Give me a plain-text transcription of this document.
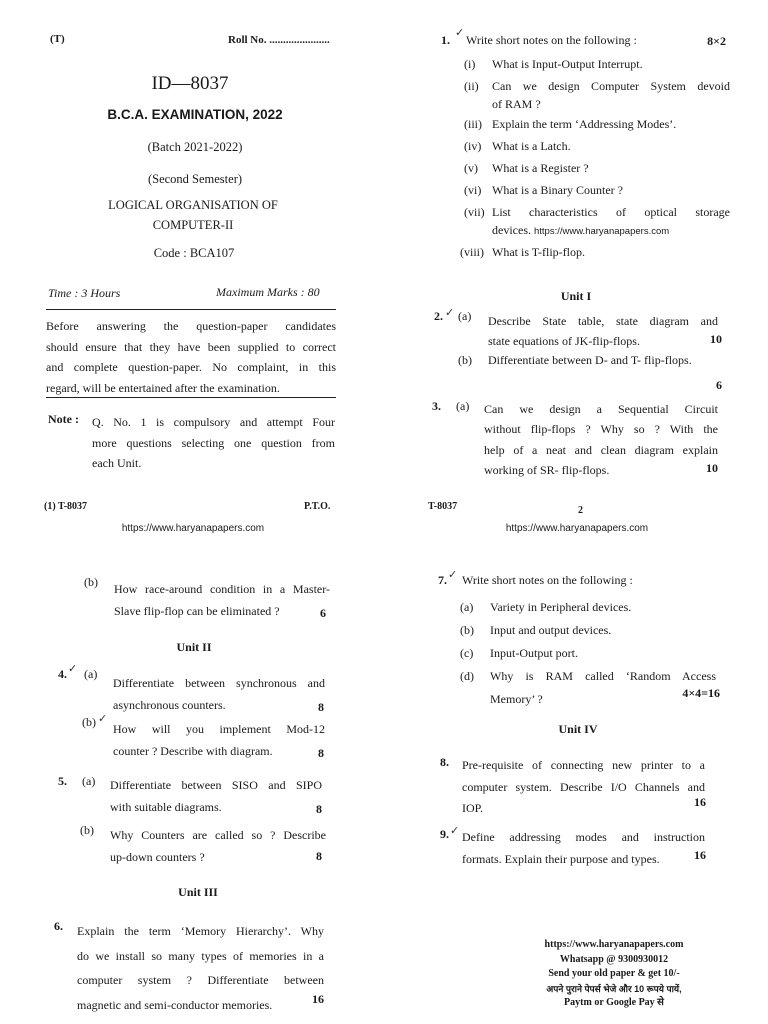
(T)	Roll No. ......................
ID—8037
B.C.A. EXAMINATION, 2022
(Batch 2021-2022)
(Second Semester)
LOGICAL ORGANISATION OF
COMPUTER-II
Code : BCA107
Time : 3 Hours	Maximum Marks : 80
Before answering the question-paper candidates
should ensure that they have been supplied to correct
and complete question-paper. No complaint, in this
regard, will be entertained after the examination.
Note : Q. No. 1 is compulsory and attempt Four
more questions selecting one question from
each Unit.
(1) T-8037	P.T.O.
https://www.haryanapapers.com
✓
1. Write short notes on the following :	8×2
(i) What is Input-Output Interrupt.
(ii) Can we design Computer System devoid
of RAM ?
(iii) Explain the term ‘Addressing Modes’.
(iv) What is a Latch.
(v) What is a Register ?
(vi) What is a Binary Counter ?
(vii) List characteristics of optical storage
devices. https://www.haryanapapers.com
(viii) What is T-flip-flop.
Unit I
2. ✓ (a) Describe State table, state diagram and
state equations of JK-flip-flops.	10
(b) Differentiate between D- and T- flip-flops.
6
3. (a) Can we design a Sequential Circuit
without flip-flops ? Why so ? With the
help of a neat and clean diagram explain
working of SR- flip-flops.	10
T-8037	2
https://www.haryanapapers.com
(b) How race-around condition in a Master-
Slave flip-flop can be eliminated ?	6
Unit II
4. ✓ (a)
Differentiate between synchronous and
asynchronous counters.	8
(b) ✓
How will you implement Mod-12
counter ? Describe with diagram.	8
5. (a) Differentiate between SISO and SIPO
with suitable diagrams.	8
(b) Why Counters are called so ? Describe
up-down counters ?	8
Unit III
6. Explain the term ‘Memory Hierarchy’. Why
do we install so many types of memories in a
computer system ? Differentiate between
magnetic and semi-conductor memories.	16
7. ✓ Write short notes on the following :
(a) Variety in Peripheral devices.
(b) Input and output devices.
(c) Input-Output port.
(d) Why is RAM called ‘Random Access
Memory’ ?	4×4=16
Unit IV
8. Pre-requisite of connecting new printer to a
computer system. Describe I/O Channels and
IOP.	16
9. ✓ Define addressing modes and instruction
formats. Explain their purpose and types.	16
https://www.haryanapapers.com
Whatsapp @ 9300930012
Send your old paper & get 10/-
अपने पुराने पेपर्स भेजे और 10 रूपये पायें,
Paytm or Google Pay से
